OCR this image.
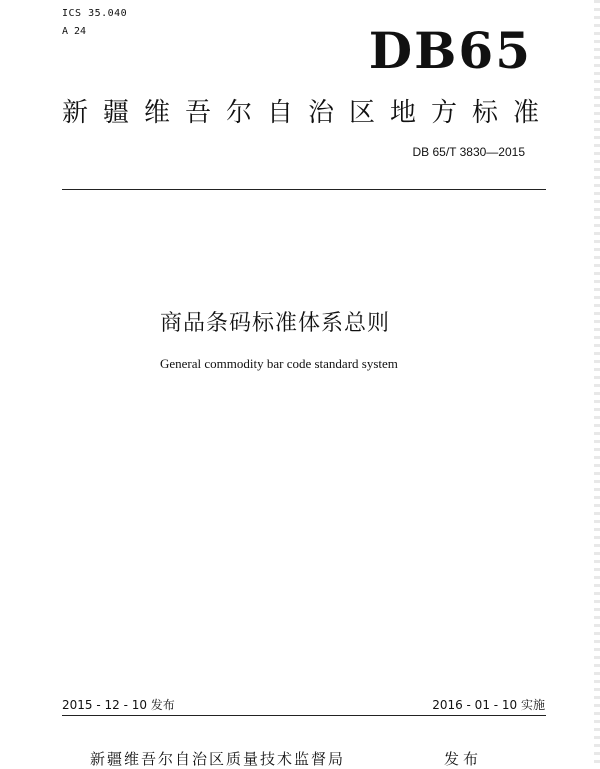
ICS 35.040
A 24	DB65
新疆维吾尔自治区地方标准
DB 65/T 3830—2015
商品条码标准体系总则
General commodity bar code standard system
2015 - 12 - 10 发布	2016 - 01 - 10 实施
新疆维吾尔自治区质量技术监督局	发布
